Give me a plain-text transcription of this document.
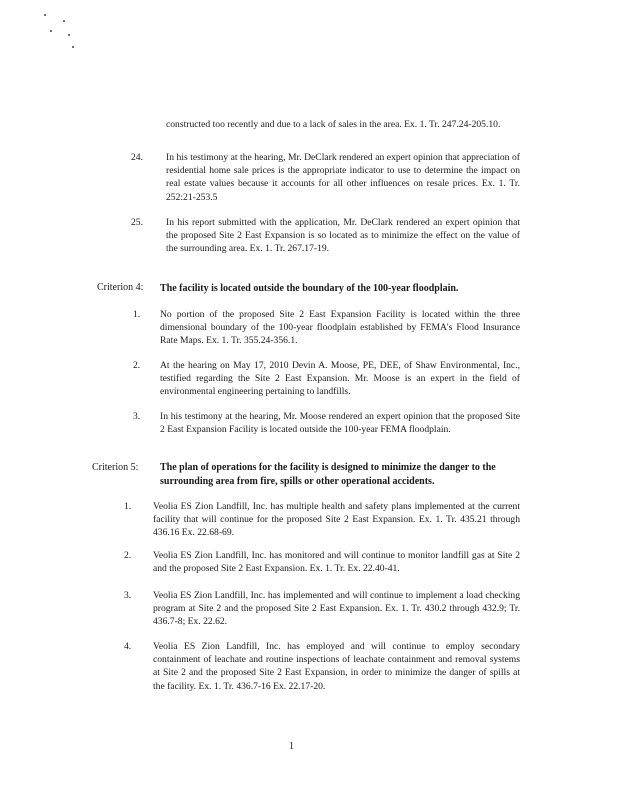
constructed too recently and due to a lack of sales in the area. Ex. 1. Tr. 247.24-205.10.
24. In his testimony at the hearing, Mr. DeClark rendered an expert opinion that appreciation of residential home sale prices is the appropriate indicator to use to determine the impact on real estate values because it accounts for all other influences on resale prices. Ex. 1. Tr. 252:21-253.5
25. In his report submitted with the application, Mr. DeClark rendered an expert opinion that the proposed Site 2 East Expansion is so located as to minimize the effect on the value of the surrounding area. Ex. 1. Tr. 267.17-19.
Criterion 4: The facility is located outside the boundary of the 100-year floodplain.
1. No portion of the proposed Site 2 East Expansion Facility is located within the three dimensional boundary of the 100-year floodplain established by FEMA's Flood Insurance Rate Maps. Ex. 1. Tr. 355.24-356.1.
2. At the hearing on May 17, 2010 Devin A. Moose, PE, DEE, of Shaw Environmental, Inc., testified regarding the Site 2 East Expansion. Mr. Moose is an expert in the field of environmental engineering pertaining to landfills.
3. In his testimony at the hearing, Mr. Moose rendered an expert opinion that the proposed Site 2 East Expansion Facility is located outside the 100-year FEMA floodplain.
Criterion 5: The plan of operations for the facility is designed to minimize the danger to the surrounding area from fire, spills or other operational accidents.
1. Veolia ES Zion Landfill, Inc. has multiple health and safety plans implemented at the current facility that will continue for the proposed Site 2 East Expansion. Ex. 1. Tr. 435.21 through 436.16 Ex. 22.68-69.
2. Veolia ES Zion Landfill, Inc. has monitored and will continue to monitor landfill gas at Site 2 and the proposed Site 2 East Expansion. Ex. 1. Tr. Ex. 22.40-41.
3. Veolia ES Zion Landfill, Inc. has implemented and will continue to implement a load checking program at Site 2 and the proposed Site 2 East Expansion. Ex. 1. Tr. 430.2 through 432.9; Tr. 436.7-8; Ex. 22.62.
4. Veolia ES Zion Landfill, Inc. has employed and will continue to employ secondary containment of leachate and routine inspections of leachate containment and removal systems at Site 2 and the proposed Site 2 East Expansion, in order to minimize the danger of spills at the facility. Ex. 1. Tr. 436.7-16 Ex. 22.17-20.
1
